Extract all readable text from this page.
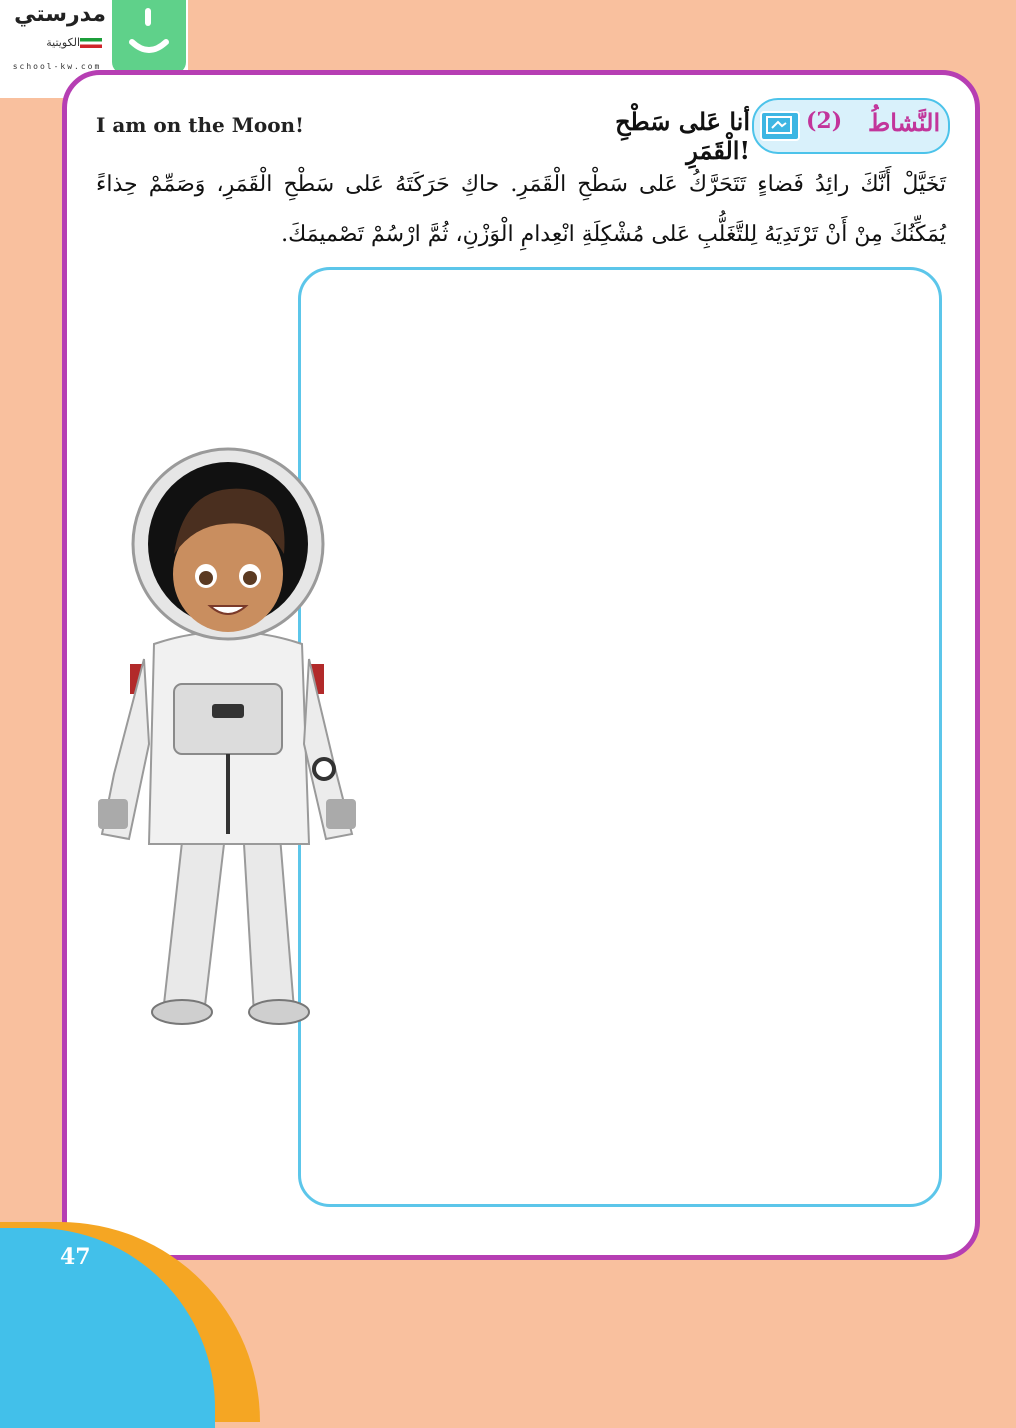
مدرستي
الكويتية
school-kw.com
I am on the Moon!	(2) النَّشاطُ
أنا عَلى سَطْحِ الْقَمَرِ!
تَخَيَّلْ أَنَّكَ رائِدُ فَضاءٍ تَتَحَرَّكُ عَلى سَطْحِ الْقَمَرِ. حاكِ حَرَكَتَهُ عَلى سَطْحِ الْقَمَرِ، وَصَمِّمْ حِذاءً يُمَكِّنُكَ مِنْ أَنْ تَرْتَدِيَهُ لِلتَّغَلُّبِ عَلى مُشْكِلَةِ انْعِدامِ الْوَزْنِ، ثُمَّ ارْسُمْ تَصْميمَكَ.
47
